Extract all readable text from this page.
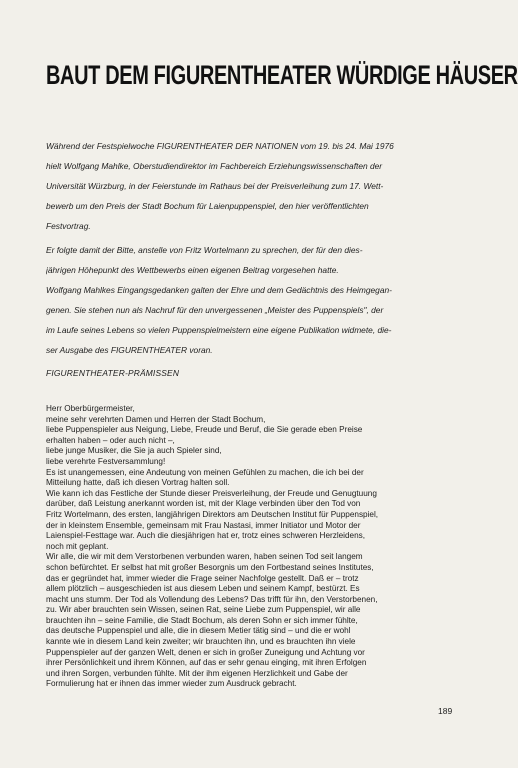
BAUT DEM FIGURENTHEATER WÜRDIGE HÄUSER

Während der Festspielwoche FIGURENTHEATER DER NATIONEN vom 19. bis 24. Mai 1976
hielt Wolfgang Mahlke, Oberstudiendirektor im Fachbereich Erziehungswissenschaften der
Universität Würzburg, in der Feierstunde im Rathaus bei der Preisverleihung zum 17. Wett-
bewerb um den Preis der Stadt Bochum für Laienpuppenspiel, den hier veröffentlichten
Festvortrag.

Er folgte damit der Bitte, anstelle von Fritz Wortelmann zu sprechen, der für den dies-
jährigen Höhepunkt des Wettbewerbs einen eigenen Beitrag vorgesehen hatte.
Wolfgang Mahlkes Eingangsgedanken galten der Ehre und dem Gedächtnis des Heimgegan-
genen. Sie stehen nun als Nachruf für den unvergessenen „Meister des Puppenspiels", der
im Laufe seines Lebens so vielen Puppenspielmeistern eine eigene Publikation widmete, die-
ser Ausgabe des FIGURENTHEATER voran.

FIGURENTHEATER-PRÄMISSEN
Herr Oberbürgermeister,
meine sehr verehrten Damen und Herren der Stadt Bochum,
liebe Puppenspieler aus Neigung, Liebe, Freude und Beruf, die Sie gerade eben Preise
erhalten haben – oder auch nicht –,
liebe junge Musiker, die Sie ja auch Spieler sind,
liebe verehrte Festversammlung!
Es ist unangemessen, eine Andeutung von meinen Gefühlen zu machen, die ich bei der
Mitteilung hatte, daß ich diesen Vortrag halten soll.
Wie kann ich das Festliche der Stunde dieser Preisverleihung, der Freude und Genugtuung
darüber, daß Leistung anerkannt worden ist, mit der Klage verbinden über den Tod von
Fritz Wortelmann, des ersten, langjährigen Direktors am Deutschen Institut für Puppenspiel,
der in kleinstem Ensemble, gemeinsam mit Frau Nastasi, immer Initiator und Motor der
Laienspiel-Festtage war. Auch die diesjährigen hat er, trotz eines schweren Herzleidens,
noch mit geplant.
Wir alle, die wir mit dem Verstorbenen verbunden waren, haben seinen Tod seit langem
schon befürchtet. Er selbst hat mit großer Besorgnis um den Fortbestand seines Institutes,
das er gegründet hat, immer wieder die Frage seiner Nachfolge gestellt. Daß er – trotz
allem plötzlich – ausgeschieden ist aus diesem Leben und seinem Kampf, bestürzt. Es
macht uns stumm. Der Tod als Vollendung des Lebens? Das trifft für ihn, den Verstorbenen,
zu. Wir aber brauchten sein Wissen, seinen Rat, seine Liebe zum Puppenspiel, wir alle
brauchten ihn – seine Familie, die Stadt Bochum, als deren Sohn er sich immer fühlte,
das deutsche Puppenspiel und alle, die in diesem Metier tätig sind – und die er wohl
kannte wie in diesem Land kein zweiter; wir brauchten ihn, und es brauchten ihn viele
Puppenspieler auf der ganzen Welt, denen er sich in großer Zuneigung und Achtung vor
ihrer Persönlichkeit und ihrem Können, auf das er sehr genau einging, mit ihren Erfolgen
und ihren Sorgen, verbunden fühlte. Mit der ihm eigenen Herzlichkeit und Gabe der
Formulierung hat er ihnen das immer wieder zum Ausdruck gebracht.
189
